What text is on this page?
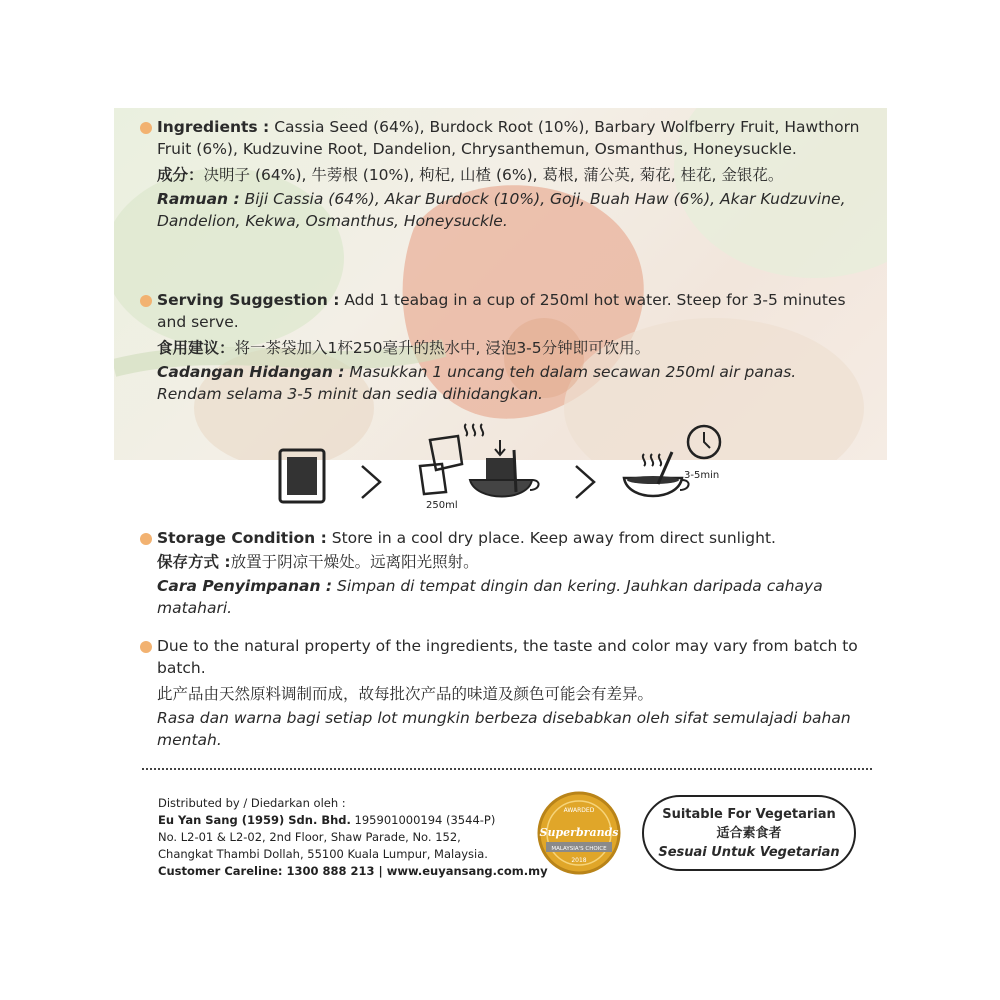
Ingredients : Cassia Seed (64%), Burdock Root (10%), Barbary Wolfberry Fruit, Hawthorn Fruit (6%), Kudzuvine Root, Dandelion, Chrysanthemun, Osmanthus, Honeysuckle.

成分：决明子 (64%), 牛蒡根 (10%), 枸杞, 山楂 (6%), 葛根, 蒲公英, 菊花, 桂花, 金银花。

Ramuan : Biji Cassia (64%), Akar Burdock (10%), Goji, Buah Haw (6%), Akar Kudzuvine, Dandelion, Kekwa, Osmanthus, Honeysuckle.

Serving Suggestion : Add 1 teabag in a cup of 250ml hot water. Steep for 3-5 minutes and serve.

食用建议：将一茶袋加入1杯250毫升的热水中, 浸泡3-5分钟即可饮用。

Cadangan Hidangan : Masukkan 1 uncang teh dalam secawan 250ml air panas. Rendam selama 3-5 minit dan sedia dihidangkan.

250ml
3-5min

Storage Condition : Store in a cool dry place. Keep away from direct sunlight.

保存方式 :放置于阴凉干燥处。远离阳光照射。

Cara Penyimpanan : Simpan di tempat dingin dan kering. Jauhkan daripada cahaya matahari.

Due to the natural property of the ingredients, the taste and color may vary from batch to batch.

此产品由天然原料调制而成，故每批次产品的味道及颜色可能会有差异。

Rasa dan warna bagi setiap lot mungkin berbeza disebabkan oleh sifat semulajadi bahan mentah.

Distributed by / Diedarkan oleh :
Eu Yan Sang (1959) Sdn. Bhd. 195901000194 (3544-P)
No. L2-01 & L2-02, 2nd Floor, Shaw Parade, No. 152,
Changkat Thambi Dollah, 55100 Kuala Lumpur, Malaysia.
Customer Careline: 1300 888 213 | www.euyansang.com.my
AWARDED
Superbrands
MALAYSIA'S CHOICE
2018
Suitable For Vegetarian
适合素食者
Sesuai Untuk Vegetarian
